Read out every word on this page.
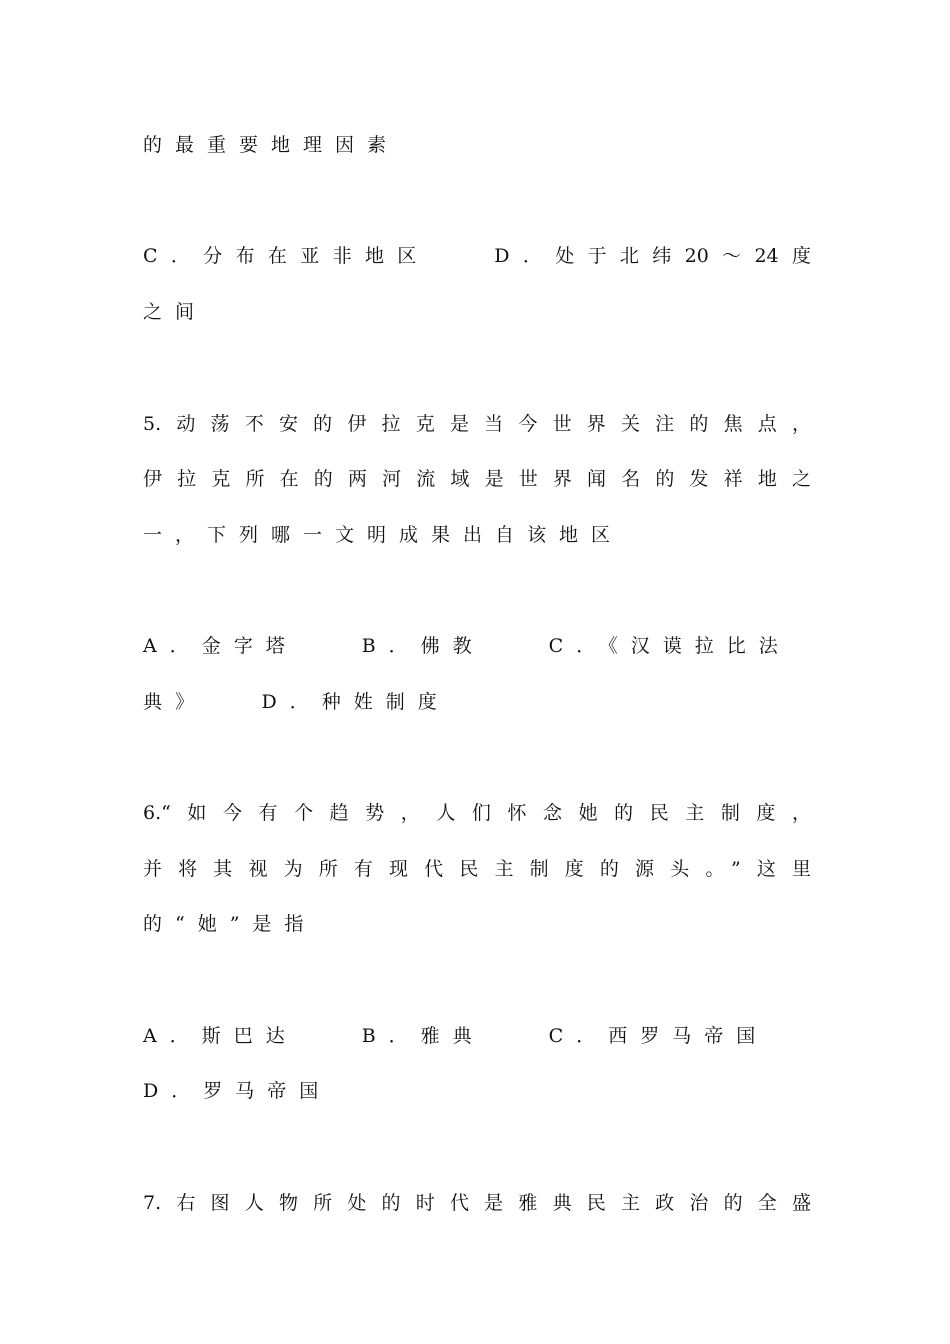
的最重要地理因素
C．分布在亚非地区　　D．处于北纬20～24度
之间
5.动荡不安的伊拉克是当今世界关注的焦点，
伊拉克所在的两河流域是世界闻名的发祥地之
一，下列哪一文明成果出自该地区
A．金字塔　　B．佛教　　C．《汉谟拉比法
典》　　D．种姓制度
6.“如今有个趋势，人们怀念她的民主制度，
并将其视为所有现代民主制度的源头。”这里
的“她”是指
A．斯巴达　　B．雅典　　C．西罗马帝国
D．罗马帝国
7.右图人物所处的时代是雅典民主政治的全盛
